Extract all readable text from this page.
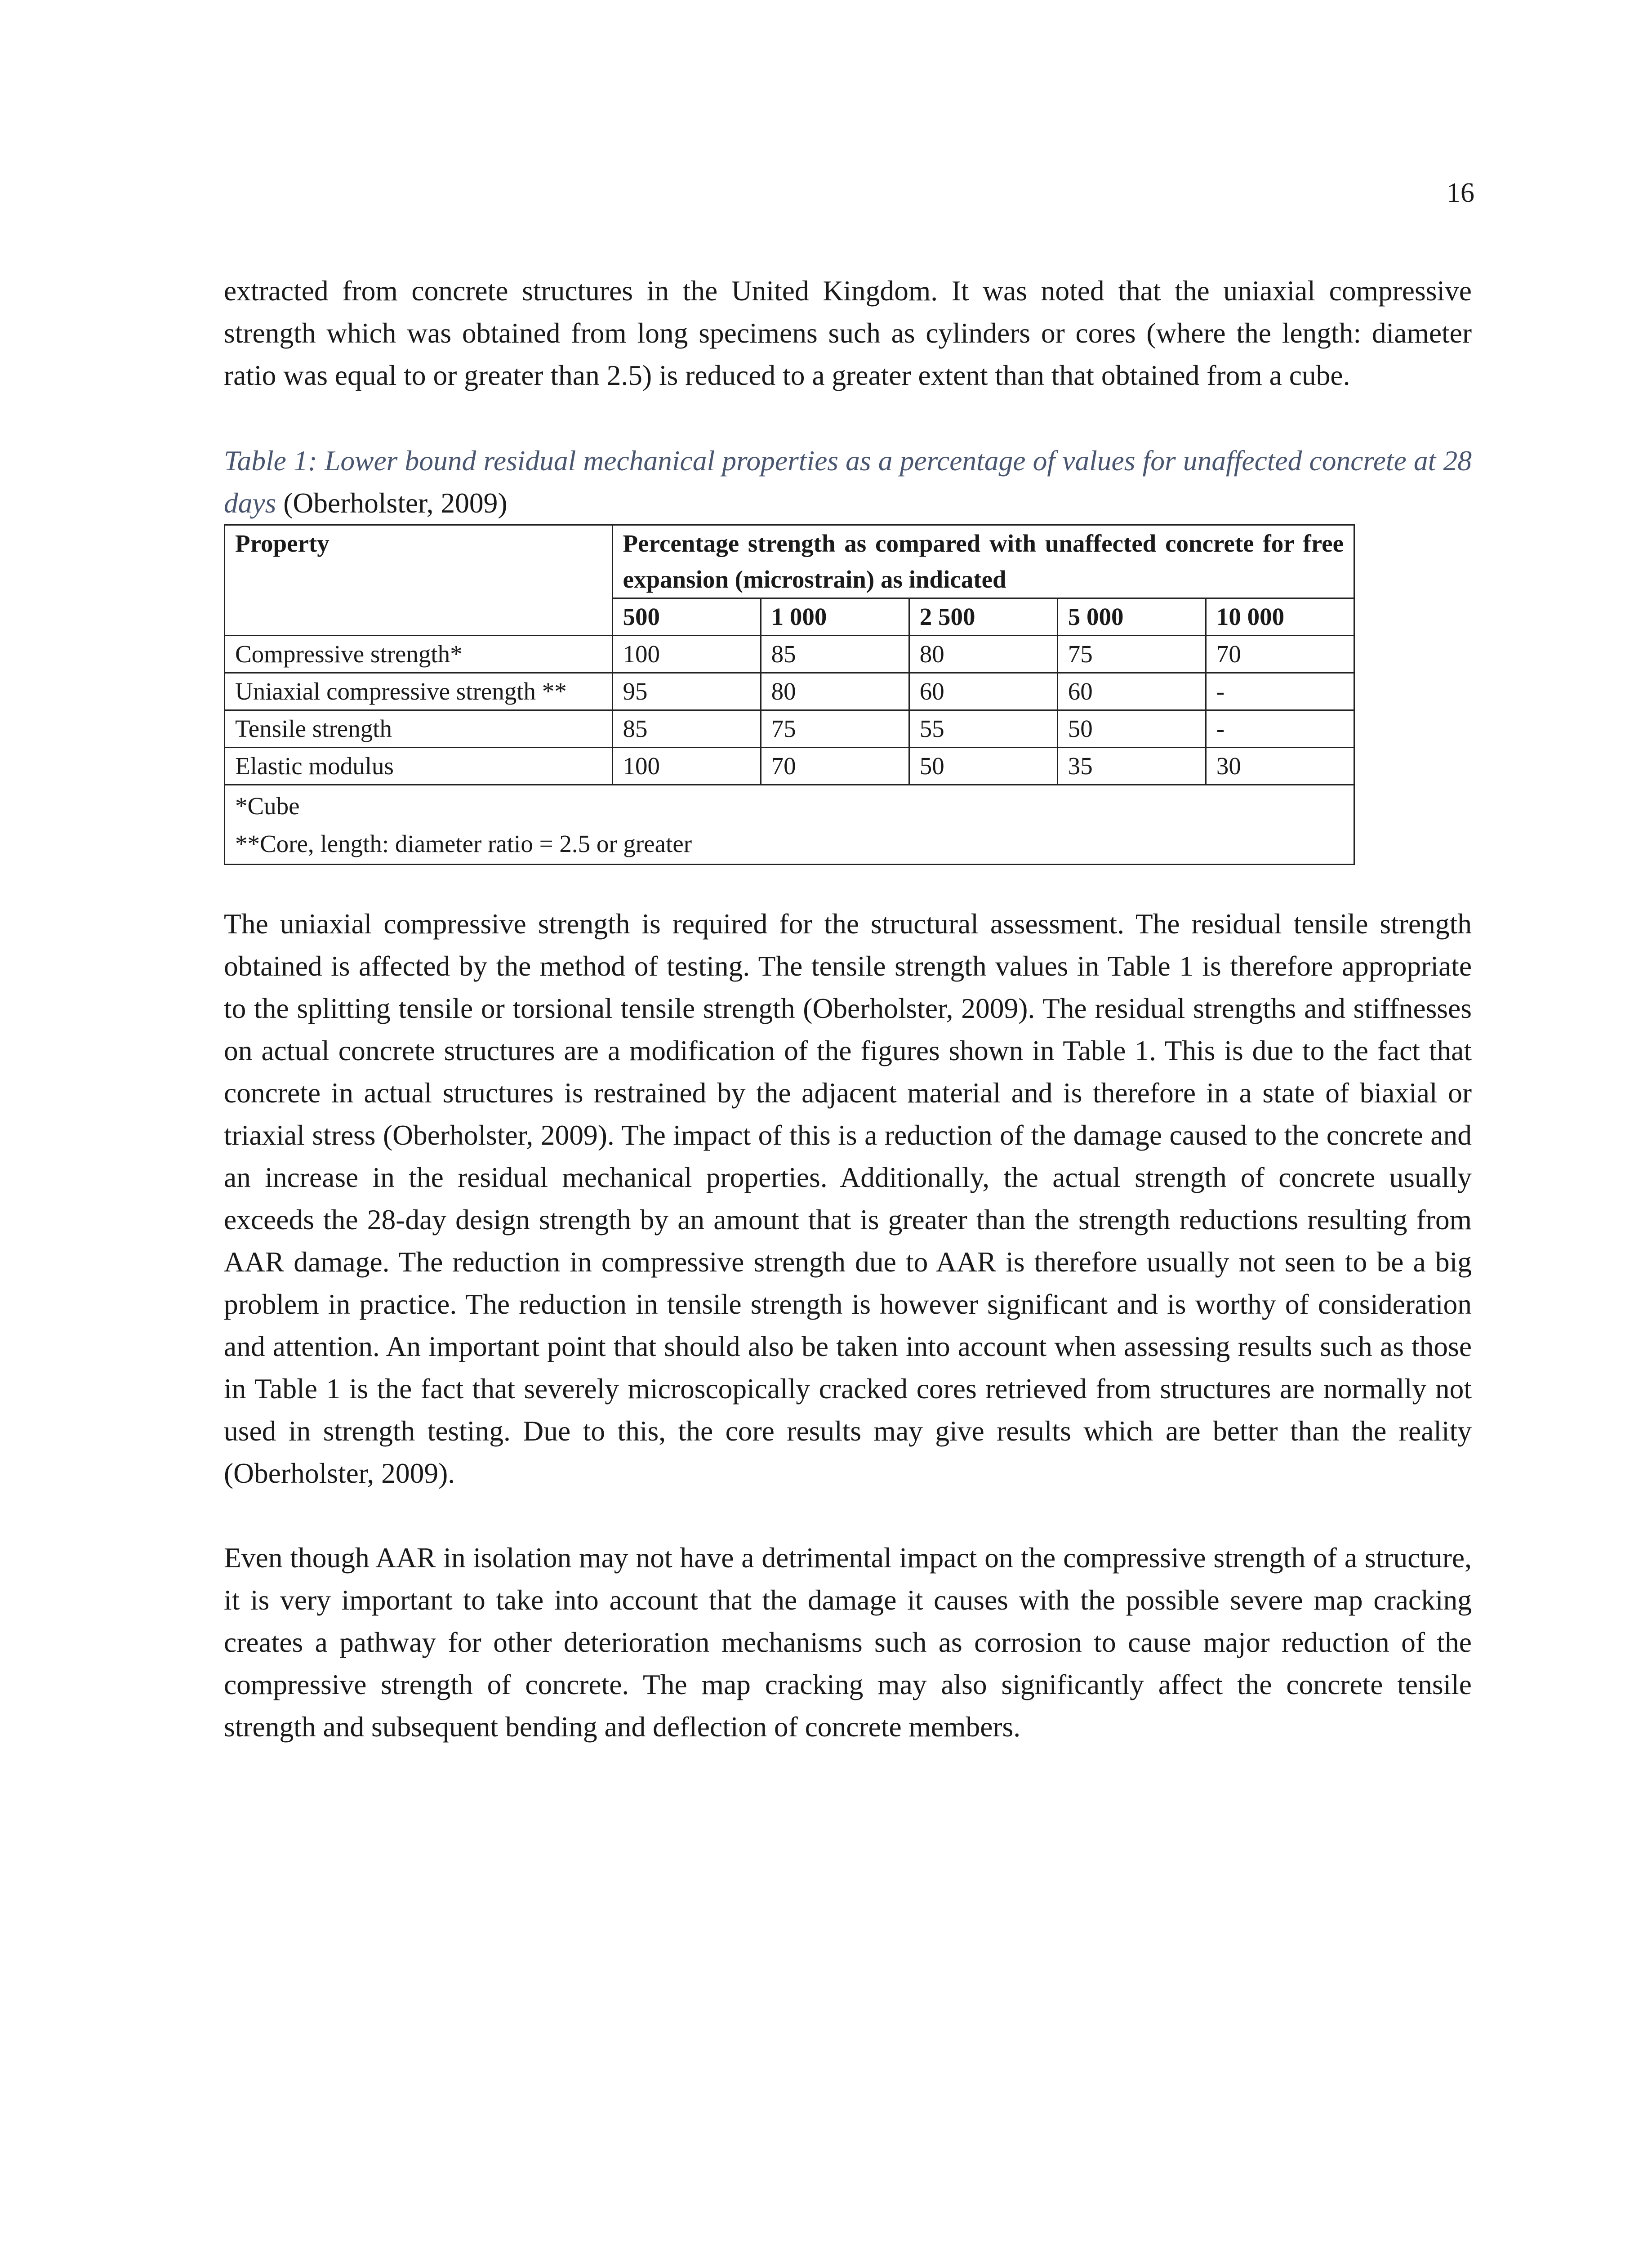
16

extracted from concrete structures in the United Kingdom. It was noted that the uniaxial compressive strength which was obtained from long specimens such as cylinders or cores (where the length: diameter ratio was equal to or greater than 2.5) is reduced to a greater extent than that obtained from a cube.

Table 1: Lower bound residual mechanical properties as a percentage of values for unaffected concrete at 28 days (Oberholster, 2009)

Property	Percentage strength as compared with unaffected concrete for free expansion (microstrain) as indicated				
	500	1 000	2 500	5 000	10 000
Compressive strength*	100	85	80	75	70
Uniaxial compressive strength **	95	80	60	60	-
Tensile strength	85	75	55	50	-
Elastic modulus	100	70	50	35	30

*Cube
**Core, length: diameter ratio = 2.5 or greater					

The uniaxial compressive strength is required for the structural assessment. The residual tensile strength obtained is affected by the method of testing. The tensile strength values in Table 1 is therefore appropriate to the splitting tensile or torsional tensile strength (Oberholster, 2009). The residual strengths and stiffnesses on actual concrete structures are a modification of the figures shown in Table 1. This is due to the fact that concrete in actual structures is restrained by the adjacent material and is therefore in a state of biaxial or triaxial stress (Oberholster, 2009). The impact of this is a reduction of the damage caused to the concrete and an increase in the residual mechanical properties. Additionally, the actual strength of concrete usually exceeds the 28-day design strength by an amount that is greater than the strength reductions resulting from AAR damage. The reduction in compressive strength due to AAR is therefore usually not seen to be a big problem in practice. The reduction in tensile strength is however significant and is worthy of consideration and attention. An important point that should also be taken into account when assessing results such as those in Table 1 is the fact that severely microscopically cracked cores retrieved from structures are normally not used in strength testing. Due to this, the core results may give results which are better than the reality (Oberholster, 2009).

Even though AAR in isolation may not have a detrimental impact on the compressive strength of a structure, it is very important to take into account that the damage it causes with the possible severe map cracking creates a pathway for other deterioration mechanisms such as corrosion to cause major reduction of the compressive strength of concrete. The map cracking may also significantly affect the concrete tensile strength and subsequent bending and deflection of concrete members.
